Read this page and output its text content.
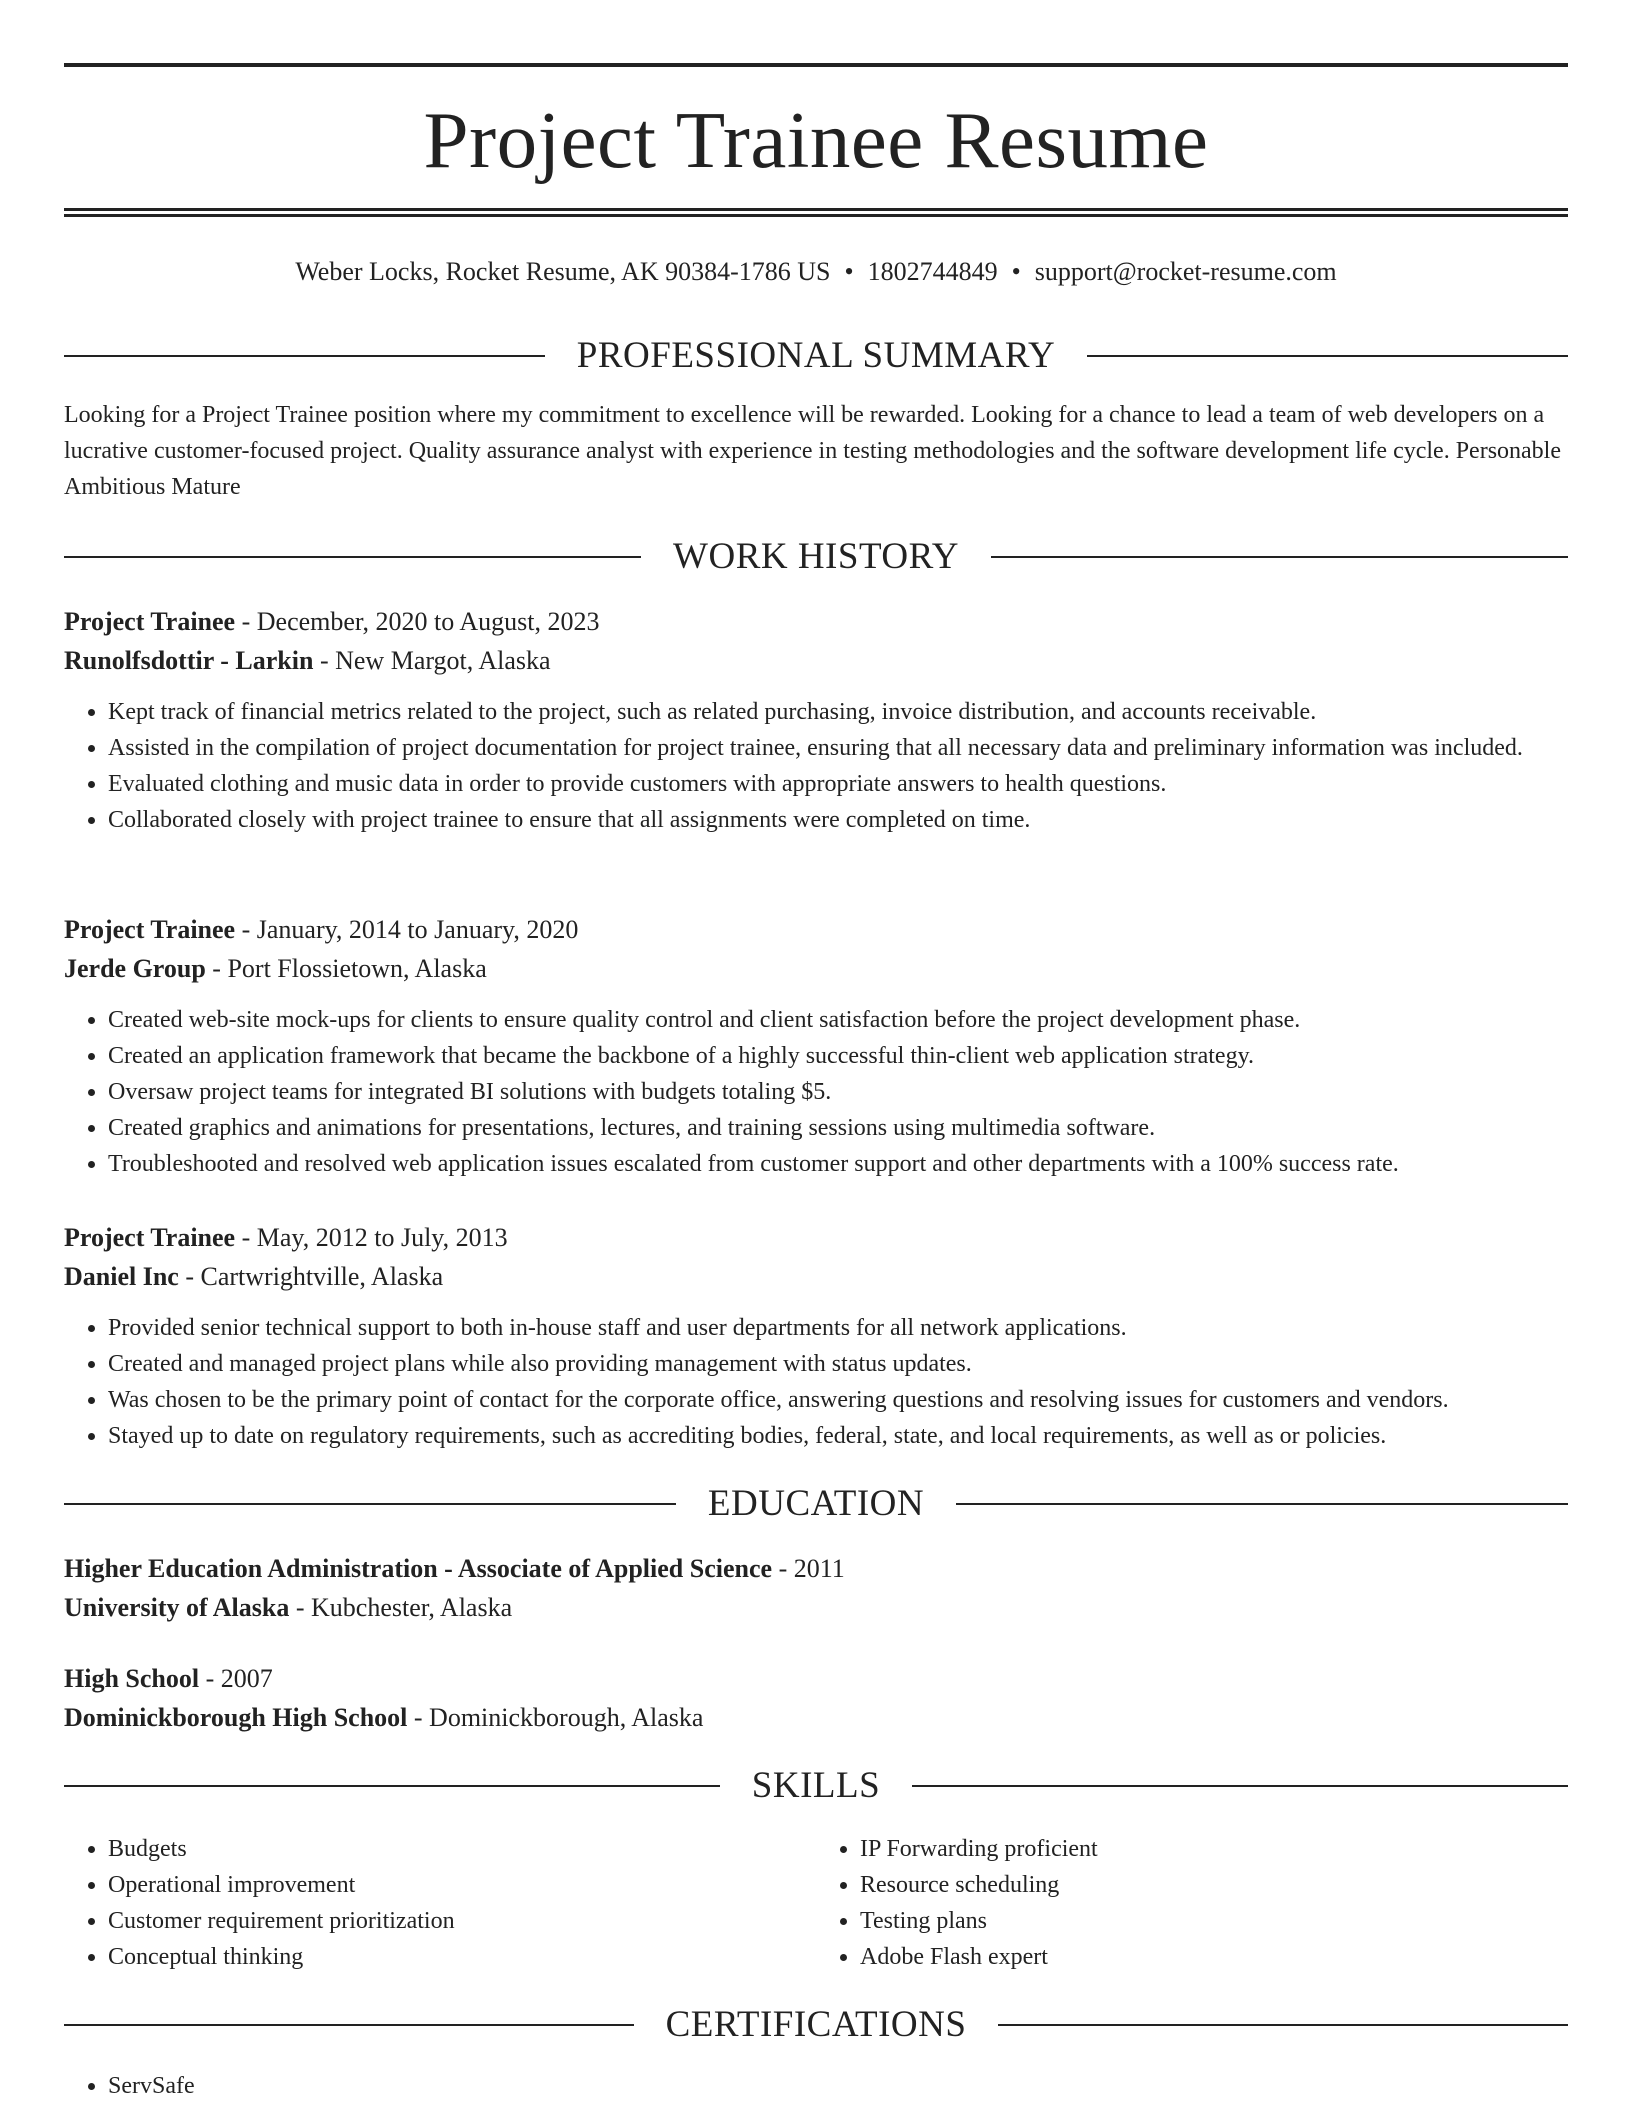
Project Trainee Resume
Weber Locks, Rocket Resume, AK 90384-1786 US • 1802744849 • support@rocket-resume.com
PROFESSIONAL SUMMARY
Looking for a Project Trainee position where my commitment to excellence will be rewarded. Looking for a chance to lead a team of web developers on a lucrative customer-focused project. Quality assurance analyst with experience in testing methodologies and the software development life cycle. Personable Ambitious Mature
WORK HISTORY
Project Trainee - December, 2020 to August, 2023
Runolfsdottir - Larkin - New Margot, Alaska
• Kept track of financial metrics related to the project, such as related purchasing, invoice distribution, and accounts receivable.
• Assisted in the compilation of project documentation for project trainee, ensuring that all necessary data and preliminary information was included.
• Evaluated clothing and music data in order to provide customers with appropriate answers to health questions.
• Collaborated closely with project trainee to ensure that all assignments were completed on time.
Project Trainee - January, 2014 to January, 2020
Jerde Group - Port Flossietown, Alaska
• Created web-site mock-ups for clients to ensure quality control and client satisfaction before the project development phase.
• Created an application framework that became the backbone of a highly successful thin-client web application strategy.
• Oversaw project teams for integrated BI solutions with budgets totaling $5.
• Created graphics and animations for presentations, lectures, and training sessions using multimedia software.
• Troubleshooted and resolved web application issues escalated from customer support and other departments with a 100% success rate.
Project Trainee - May, 2012 to July, 2013
Daniel Inc - Cartwrightville, Alaska
• Provided senior technical support to both in-house staff and user departments for all network applications.
• Created and managed project plans while also providing management with status updates.
• Was chosen to be the primary point of contact for the corporate office, answering questions and resolving issues for customers and vendors.
• Stayed up to date on regulatory requirements, such as accrediting bodies, federal, state, and local requirements, as well as or policies.
EDUCATION
Higher Education Administration - Associate of Applied Science - 2011
University of Alaska - Kubchester, Alaska
High School - 2007
Dominickborough High School - Dominickborough, Alaska
SKILLS
• Budgets
• Operational improvement
• Customer requirement prioritization
• Conceptual thinking
• IP Forwarding proficient
• Resource scheduling
• Testing plans
• Adobe Flash expert
CERTIFICATIONS
• ServSafe
